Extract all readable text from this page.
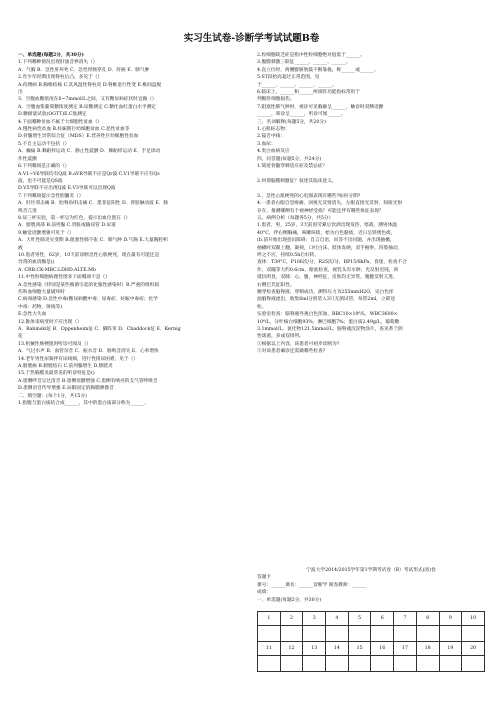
实习生试卷-诊断学考试试题B卷
一、单选题(每题2分，共30分)
1.下列哪种情况出现肝浊音界消失（）
A．气胸 B．急性肝坏死 C．急性胃肠穿孔 D．肝癌 E．肺气肿
2.肯少年时期出现脊柱后凸，多见于（）
A.佝偻病 B.胸椎结核 C.其风湿性脊柱炎 D.脊椎退行性变 E.椎间盘脱
出
3．空腹血糖浓度在6~7mmol/L之间，又有糖尿病症状时宜做（）
A．空腹血浆葡萄糖浓度测定 B.尿糖测定 C.糖化血红蛋白水平测定
D.糖耐量试验(OGTT)E.C肽测定
4.下面哪种贫血不属于大细胞性贫血（）
A.慢性病性贫血 B.妊娠期巨幼细胞贫血 C.恶性贫血等
D.骨髓增生异常综合征（MDS）E.营养性巨幼细胞性贫血
5.不自主运动不包括（）
A．癫痫 B.舞蹈样运动 C．静止性震颤 D．舞蹈样运动 E．手足徐动
作性震颤
6.下列哪项是正确的（）
A.V1~V6导联均有Q波 B.aVR导联不应是Qr波 C.V1导联不应有Qs
波，也不可能是QS波
D.V5导联不应出现Q波 E.V3导联可以出现Q波
7.下列哪项提示急性胆囊炎（）
A．肝区叩击痛 B．肋脊角叩击痛 C．墨菲征阳性 D．肾脏触动波 E．肠
鸣音亢进
8.尿三杯实验，第一杯呈为红色，提示出血位置在（）
A．膀胱颈部 B.前列腺 C.肾脏或输尿管 D.尿道
9.触觉语颤增强可见于（）
A．大叶性肺炎实变期 B.阻塞性肺不张 C．肺气肿 D.气胸 E.大量胸腔积
液
10.患者男性，62岁，10天前诊断急性心肌梗死，现在最有可能还是
异常的血清酶是()
A. CRB.CK-MBC.LDHD.ALTE.Mb
11.中性粒细胞病理性增多下面哪项不是（）
A.急性感染（特别是某些细菌引起的化脓性感染时）B.严重的组织损
伤和血细胞大量破坏时
C.病毒感染 D.急性中毒(糖尿病酸中毒、尿毒症、妊娠中毒症；化学
中毒：药物、射线等)
E.急性大失血
12.锥体束病变时不应出现（）
A．Babinski征 B．Oppenheim征 C．脚阵挛 D．Chaddock征 E．Kernig
征
13.机械性肠梗阻时听诊可闻及（）
A．气过水声 B．血管杂音 C．振水音 D．肠鸣音消失 E．心率增快
14.老年男性尿频伴有尿线细，进行性排尿困难，见于（）
A.膀胱癌 B.膀胱结石 C.前列腺增生 D.膀胱炎
15.于热胸膜炎最常见的听诊特征是()
A.患侧呼音呈过清音 B.患侧语颤增强 C.患侧有响亮的支气管呼吸音
D.患侧语音传导增强 E.局限固定的胸膜摩擦音
二、填空题：(每个1分，共15分)
1.指腹与蛋白质结合成______，其中的蛋白质部分称为______，
2.粒细胞缺乏症是指中性粒细胞绝对值低于______。
3.腹膜刺激三联征______、______、______。
4.直立位时，两腰膨脐肋鼓不断靠拢，称______或______。
5.ST段抬高超过正常范围，见
于______、______、______、______。
6.临床上，______和______两项肝功能指标常用于
判断肝细胞损伤。
7.阻塞性肺气肿时，视诊可见胸廓呈______，触诊时双侧语颤
______，叩诊呈______，听诊可闻______。
三、名词解释(每题5分，共20分)
1.心肌标志物：
2.镜舌中线：
3.血尿：
4.类白血病反应
四、问答题(每题5分，共24分)
1.简述骨髓穿刺适应症及禁忌症？
2.何谓脑膜刺激征？叙述其临床意义。
3.、急性心肌梗死的心电图表现有哪些?如何分期?
4.一患者右眼自觉疼痛、闭视无反射消失，左眼直接光反射、间接光射
存在，推测哪侧有个视神经受损？可能还伴有哪些体征表现？
五、病例分析（每题各5分，共5分）
1.患者，男，25岁，3天前因劳累后饮酒出现发热，寒战，测男体温
40°C，伴右侧胸痛，咳嗽咳痰，始为白色黏痰，近日呈铁锈色痰，
(b.前开始出现意识障碍；自言自语，问答不出问题，并出现抽搐，
抽搐时双眼上翻，凝视，口吐白沫，肢体发硬，双手握拳，四肢抽动，
呼之不应，持续0.5h后好转。
查体：T39°C，P106次/分，R25次/分，BP15/8kPa，昏迷，检查不合
作，双瞳等大约0.6cm，眼底检查，视乳头有水肿，光反射迟钝，颈
抵抗明显，双肺：心，腹，神经征，皮肤均无异常，腹腱反射亢进，
右侧巴氏征阳性。
腰穿检查脑脊液，穿刺成功，测得压力为255mmH2O，见白色浑
浊脑脊液流出，收集6ml分别装入3只无菌试管，每管2ml，立即送
检。
实验室检查：脑脊液外观白色浑浊，RBC10×10⁶/L，WBC3600×
10⁶/L，分叶核白细胞93%，淋巴细胞7%；蛋白质2.49g/L，葡萄糖
3.1mmol/L，氯化物121.5mmol/L；脑脊液沉淀物涂片，查见革兰阴
性球菌，多成双排列。
①根据以上内容，该患者可初步诊断为?
②对该患者确诊还需做哪些检查?
宁波大学2014/2015学年第1学期考试卷（B）考试形式(闭)卷
答题卡
课号：______课名：______诊断学 阅卷教师：______
成绩：
一、单选题(每题2分，共30分)
1	2	3	4	5	6	7	8	9	10

11	12	13	14	15	16	17	18	19	20
